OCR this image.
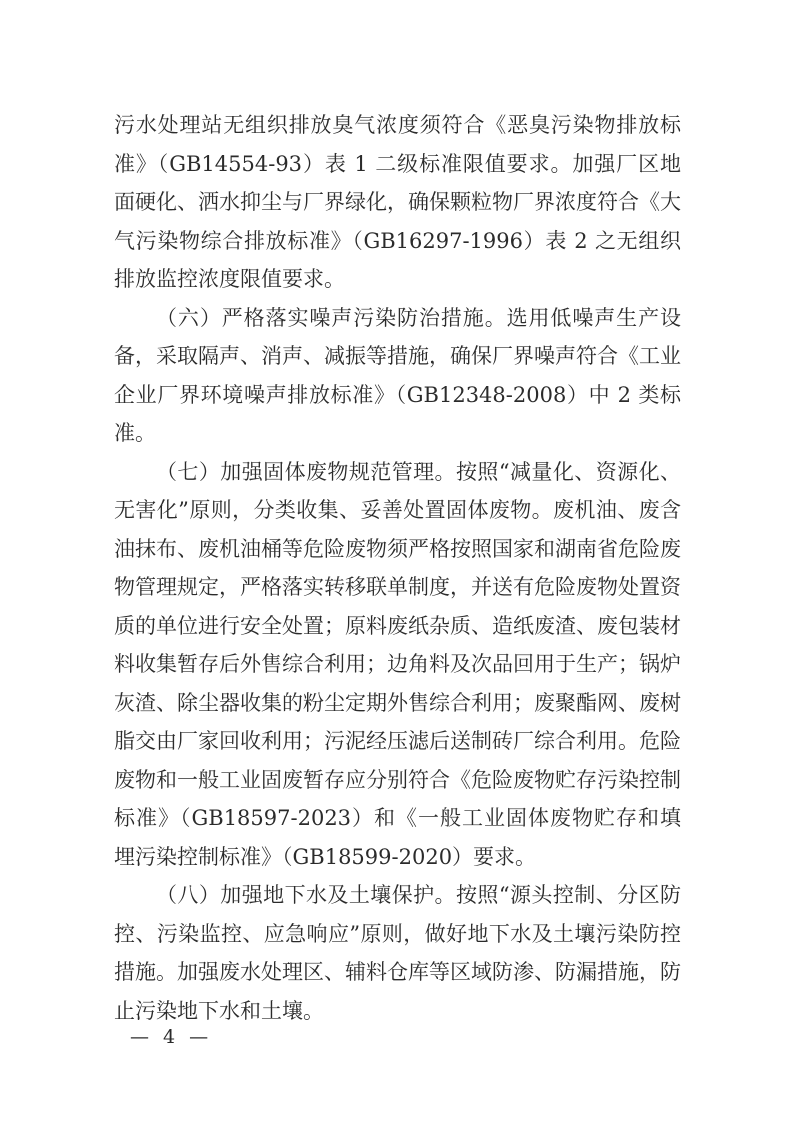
污水处理站无组织排放臭气浓度须符合《恶臭污染物排放标准》（GB14554-93）表 1 二级标准限值要求。加强厂区地面硬化、洒水抑尘与厂界绿化，确保颗粒物厂界浓度符合《大气污染物综合排放标准》（GB16297-1996）表 2 之无组织排放监控浓度限值要求。

（六）严格落实噪声污染防治措施。选用低噪声生产设备，采取隔声、消声、减振等措施，确保厂界噪声符合《工业企业厂界环境噪声排放标准》（GB12348-2008）中 2 类标准。

（七）加强固体废物规范管理。按照“减量化、资源化、无害化”原则，分类收集、妥善处置固体废物。废机油、废含油抹布、废机油桶等危险废物须严格按照国家和湖南省危险废物管理规定，严格落实转移联单制度，并送有危险废物处置资质的单位进行安全处置；原料废纸杂质、造纸废渣、废包装材料收集暂存后外售综合利用；边角料及次品回用于生产；锅炉灰渣、除尘器收集的粉尘定期外售综合利用；废聚酯网、废树脂交由厂家回收利用；污泥经压滤后送制砖厂综合利用。危险废物和一般工业固废暂存应分别符合《危险废物贮存污染控制标准》（GB18597-2023）和《一般工业固体废物贮存和填埋污染控制标准》（GB18599-2020）要求。

（八）加强地下水及土壤保护。按照“源头控制、分区防控、污染监控、应急响应”原则，做好地下水及土壤污染防控措施。加强废水处理区、辅料仓库等区域防渗、防漏措施，防止污染地下水和土壤。

— 4 —
